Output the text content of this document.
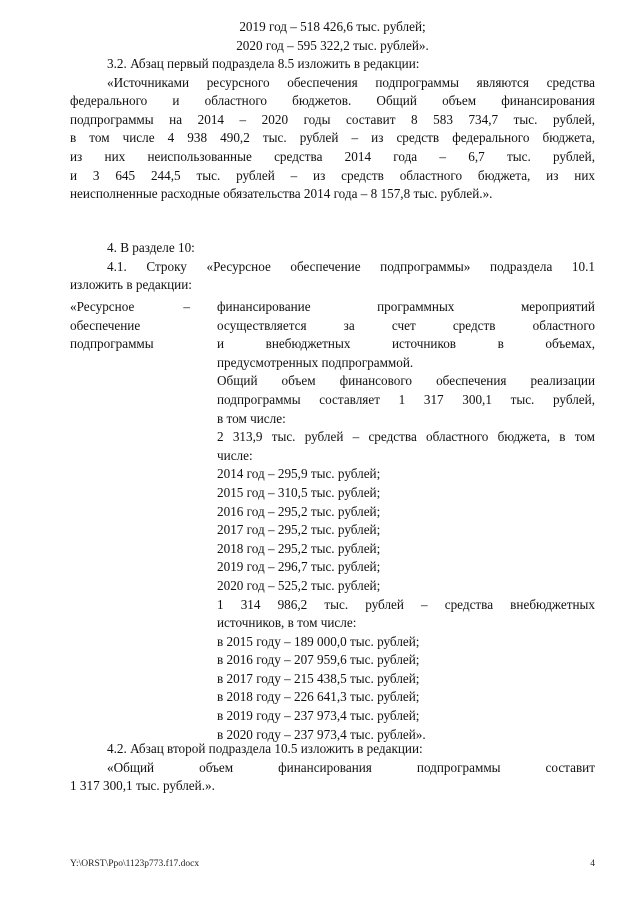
2019 год – 518 426,6 тыс. рублей;
2020 год – 595 322,2 тыс. рублей».
3.2. Абзац первый подраздела 8.5 изложить в редакции:
«Источниками ресурсного обеспечения подпрограммы являются средства
федерального и областного бюджетов. Общий объем финансирования
подпрограммы на 2014 – 2020 годы составит 8 583 734,7 тыс. рублей,
в том числе 4 938 490,2 тыс. рублей – из средств федерального бюджета,
из них неиспользованные средства 2014 года – 6,7 тыс. рублей,
и 3 645 244,5 тыс. рублей – из средств областного бюджета, из них
неисполненные расходные обязательства 2014 года – 8 157,8 тыс. рублей.».
4. В разделе 10:
4.1. Строку «Ресурсное обеспечение подпрограммы» подраздела 10.1
изложить в редакции:
«Ресурсное –
обеспечение
подпрограммы
финансирование программных мероприятий
осуществляется за счет средств областного
и внебюджетных источников в объемах,
предусмотренных подпрограммой.
Общий объем финансового обеспечения реализации
подпрограммы составляет 1 317 300,1 тыс. рублей,
в том числе:
2 313,9 тыс. рублей – средства областного бюджета, в том
числе:
2014 год – 295,9 тыс. рублей;
2015 год – 310,5 тыс. рублей;
2016 год – 295,2 тыс. рублей;
2017 год – 295,2 тыс. рублей;
2018 год – 295,2 тыс. рублей;
2019 год – 296,7 тыс. рублей;
2020 год – 525,2 тыс. рублей;
1 314 986,2 тыс. рублей – средства внебюджетных
источников, в том числе:
в 2015 году – 189 000,0 тыс. рублей;
в 2016 году – 207 959,6 тыс. рублей;
в 2017 году – 215 438,5 тыс. рублей;
в 2018 году – 226 641,3 тыс. рублей;
в 2019 году – 237 973,4 тыс. рублей;
в 2020 году – 237 973,4 тыс. рублей».
4.2. Абзац второй подраздела 10.5 изложить в редакции:
«Общий объем финансирования подпрограммы составит
1 317 300,1 тыс. рублей.».
Y:\ORST\Ppo\1123p773.f17.docx	4
